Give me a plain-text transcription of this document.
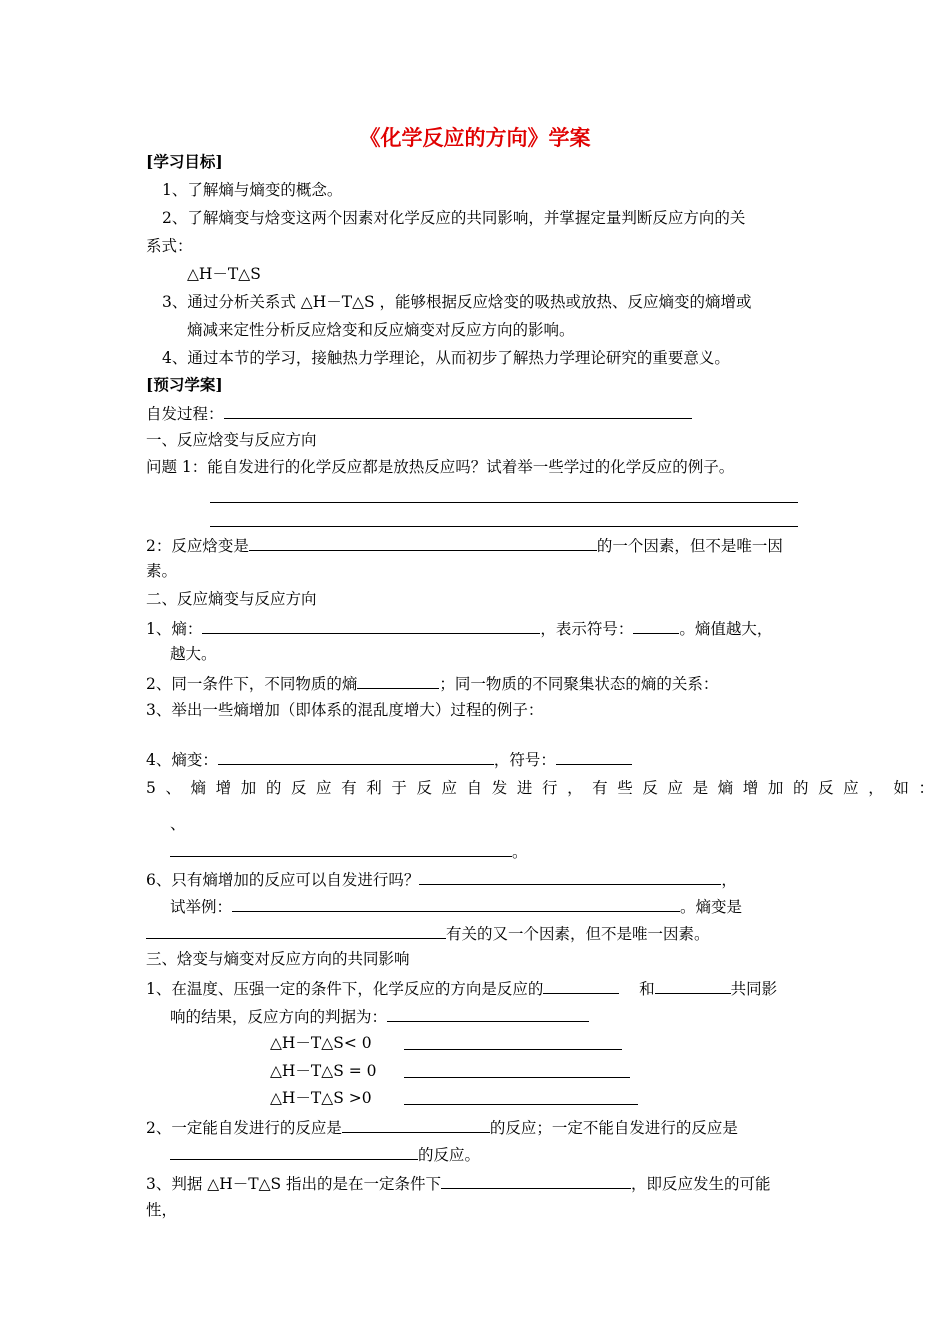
《化学反应的方向》学案
[学习目标]
1、了解熵与熵变的概念。
2、了解熵变与焓变这两个因素对化学反应的共同影响，并掌握定量判断反应方向的关
系式：
△H－T△S
3、通过分析关系式 △H－T△S ，能够根据反应焓变的吸热或放热、反应熵变的熵增或
熵减来定性分析反应焓变和反应熵变对反应方向的影响。
4、通过本节的学习，接触热力学理论，从而初步了解热力学理论研究的重要意义。
[预习学案]
自发过程：
一、反应焓变与反应方向
问题 1：能自发进行的化学反应都是放热反应吗？试着举一些学过的化学反应的例子。
2：反应焓变是	的一个因素，但不是唯一因
素。
二、反应熵变与反应方向
1、熵：	，表示符号：	。熵值越大，
越大。
2、同一条件下，不同物质的熵	；同一物质的不同聚集状态的熵的关系：
3、举出一些熵增加（即体系的混乱度增大）过程的例子：
4、熵变：	，符号：
5、熵增加的反应有利于反应自发进行，有些反应是熵增加的反应，如：
、
。
6、只有熵增加的反应可以自发进行吗？	，
试举例：	。熵变是
有关的又一个因素，但不是唯一因素。
三、焓变与熵变对反应方向的共同影响
1、在温度、压强一定的条件下，化学反应的方向是反应的	和	共同影
响的结果，反应方向的判据为：
△H－T△S< 0
△H－T△S = 0
△H－T△S >0
2、一定能自发进行的反应是	的反应；一定不能自发进行的反应是
的反应。
3、判据 △H－T△S 指出的是在一定条件下	，即反应发生的可能
性，
